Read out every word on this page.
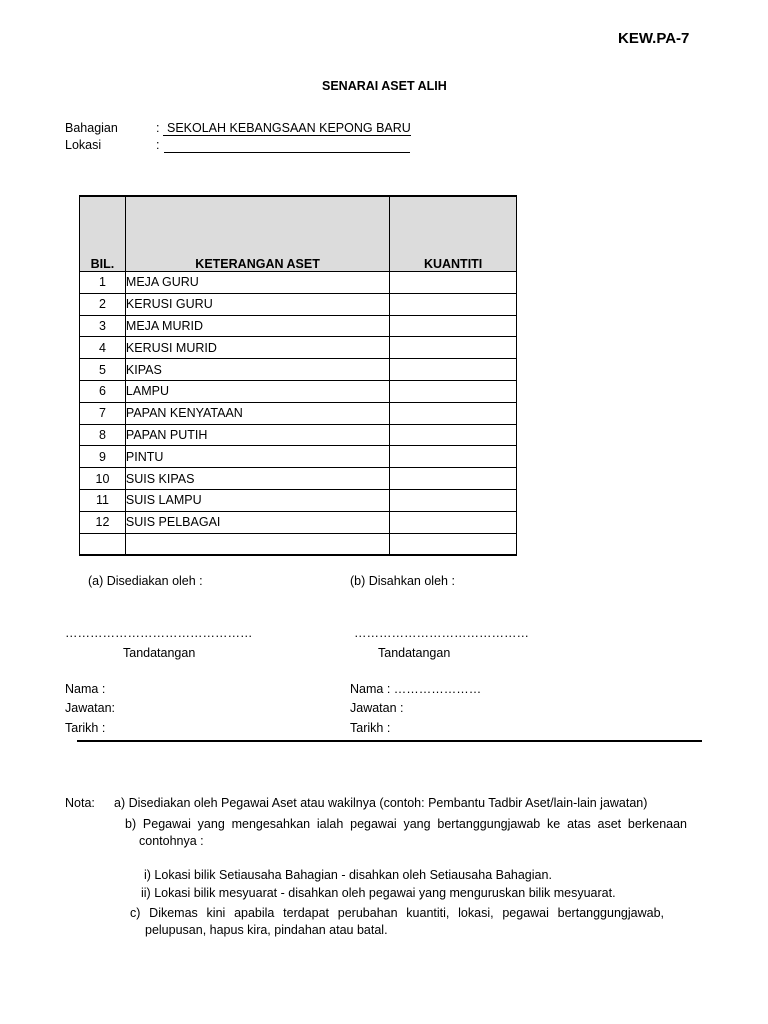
KEW.PA-7
SENARAI ASET ALIH
Bahagian	: SEKOLAH KEBANGSAAN KEPONG BARU
Lokasi	:
BIL.	KETERANGAN ASET	KUANTITI
1	MEJA GURU	
2	KERUSI GURU	
3	MEJA MURID	
4	KERUSI MURID	
5	KIPAS	
6	LAMPU	
7	PAPAN KENYATAAN	
8	PAPAN PUTIH	
9	PINTU	
10	SUIS KIPAS	
11	SUIS LAMPU	
12	SUIS PELBAGAI	

(a) Disediakan oleh :	(b) Disahkan oleh :
………………………………………	……………………………………
Tandatangan	Tandatangan
Nama :
Jawatan:
Tarikh :
Nama : …………………
Jawatan :
Tarikh :
Nota: a) Disediakan oleh Pegawai Aset atau wakilnya (contoh: Pembantu Tadbir Aset/lain-lain jawatan)
b) Pegawai yang mengesahkan ialah pegawai yang bertanggungjawab ke atas aset berkenaan
contohnya :
i) Lokasi bilik Setiausaha Bahagian - disahkan oleh Setiausaha Bahagian.
ii) Lokasi bilik mesyuarat - disahkan oleh pegawai yang menguruskan bilik mesyuarat.
c) Dikemas kini apabila terdapat perubahan kuantiti, lokasi, pegawai bertanggungjawab,
pelupusan, hapus kira, pindahan atau batal.
